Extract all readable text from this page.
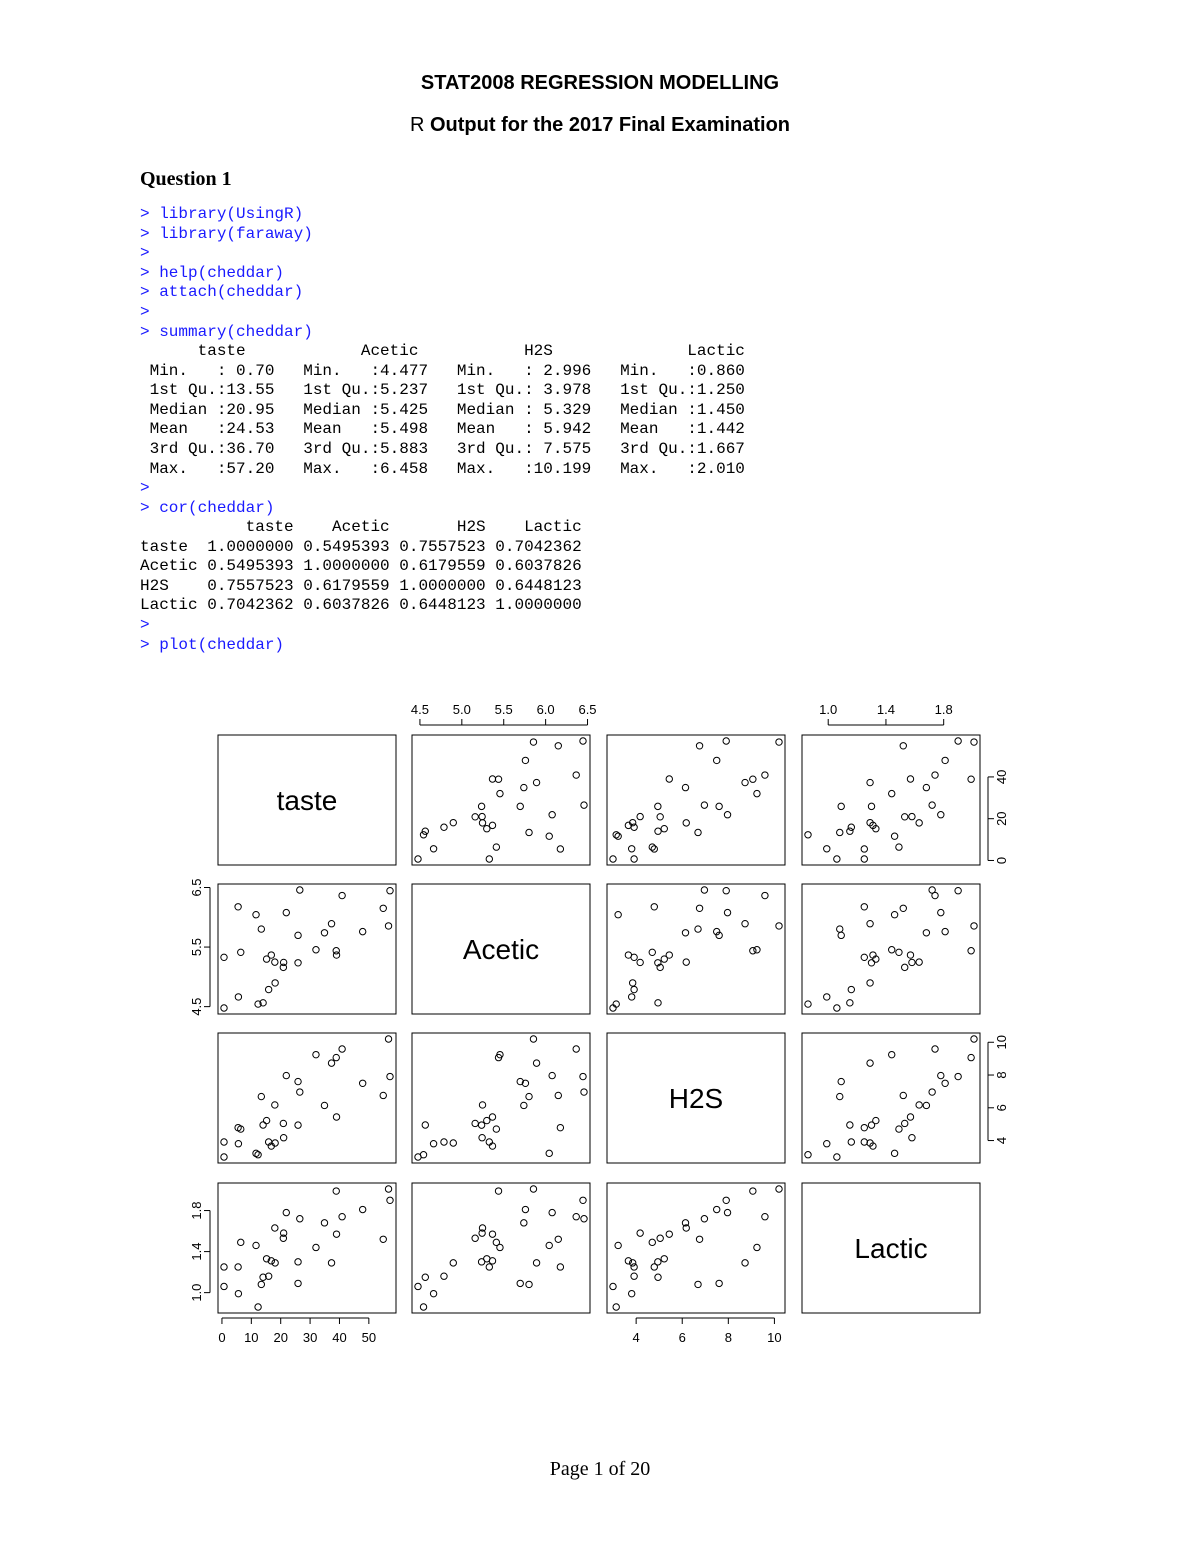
STAT2008 REGRESSION MODELLING
R Output for the 2017 Final Examination
Question 1
> library(UsingR)
> library(faraway)
>
> help(cheddar)
> attach(cheddar)
>
> summary(cheddar)
taste            Acetic           H2S              Lactic
Min.   : 0.70   Min.   :4.477   Min.   : 2.996   Min.   :0.860
1st Qu.:13.55   1st Qu.:5.237   1st Qu.: 3.978   1st Qu.:1.250
Median :20.95   Median :5.425   Median : 5.329   Median :1.450
Mean   :24.53   Mean   :5.498   Mean   : 5.942   Mean   :1.442
3rd Qu.:36.70   3rd Qu.:5.883   3rd Qu.: 7.575   3rd Qu.:1.667
Max.   :57.20   Max.   :6.458   Max.   :10.199   Max.   :2.010
>
> cor(cheddar)
taste    Acetic       H2S    Lactic
taste  1.0000000 0.5495393 0.7557523 0.7042362
Acetic 0.5495393 1.0000000 0.6179559 0.6037826
H2S    0.7557523 0.6179559 1.0000000 0.6448123
Lactic 0.7042362 0.6037826 0.6448123 1.0000000
>
> plot(cheddar)
taste
Acetic
H2S
Lactic
0 10 20 30 40 50	4	6	8	10
4.5 5.0 5.5 6.0 6.5	1.0	1.4	1.8
4.5
5.5
6.5
1.0
1.4
1.8
0
20
40
4
6
8
10
Page 1 of 20
